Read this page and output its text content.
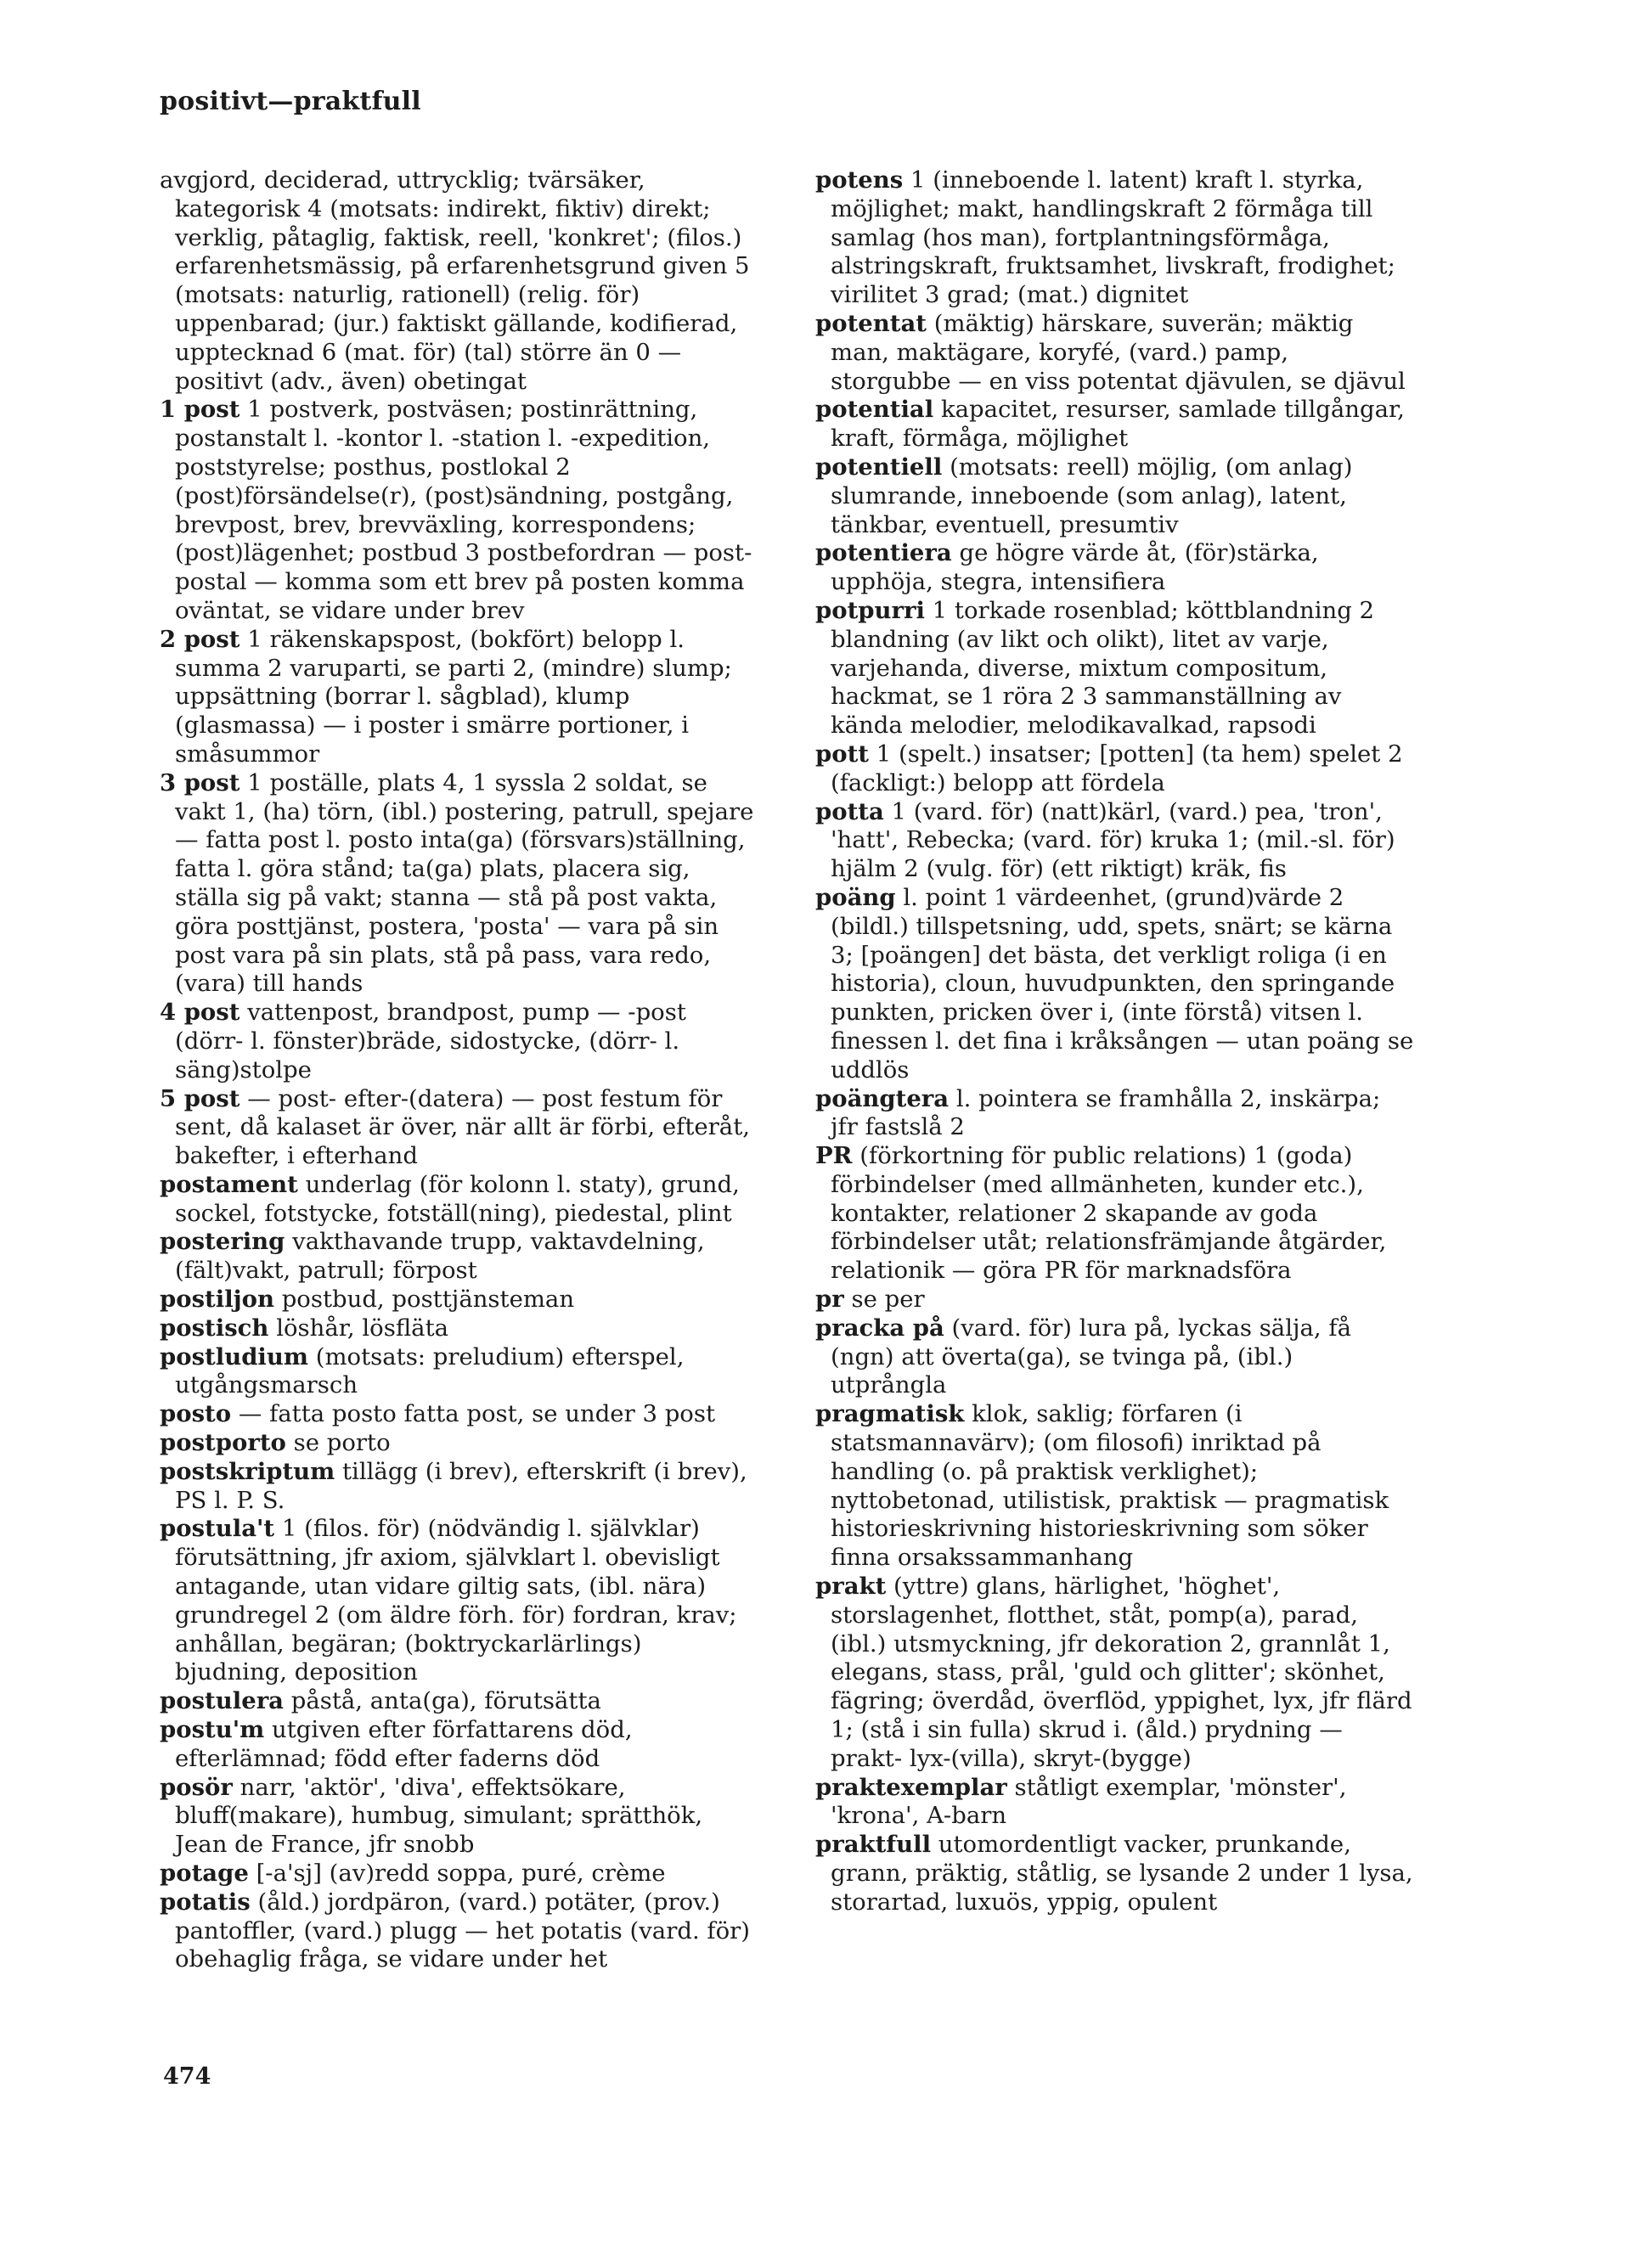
positivt—praktfull

avgjord, deciderad, uttrycklig; tvärsäker, kategorisk 4 (motsats: indirekt, fiktiv) direkt; verklig, påtaglig, faktisk, reell, 'konkret'; (filos.) erfarenhetsmässig, på erfarenhetsgrund given 5 (motsats: naturlig, rationell) (relig. för) uppenbarad; (jur.) faktiskt gällande, kodifierad, upptecknad 6 (mat. för) (tal) större än 0 — positivt (adv., även) obetingat

1 post 1 postverk, postväsen; postinrättning, postanstalt l. -kontor l. -station l. -expedition, poststyrelse; posthus, postlokal 2 (post)försändelse(r), (post)sändning, postgång, brevpost, brev, brevväxling, korrespondens; (post)lägenhet; postbud 3 postbefordran — post- postal — komma som ett brev på posten komma oväntat, se vidare under brev

2 post 1 räkenskapspost, (bokfört) belopp l. summa 2 varuparti, se parti 2, (mindre) slump; uppsättning (borrar l. sågblad), klump (glasmassa) — i poster i smärre portioner, i småsummor

3 post 1 poställe, plats 4, 1 syssla 2 soldat, se vakt 1, (ha) törn, (ibl.) postering, patrull, spejare — fatta post l. posto inta(ga) (försvars)ställning, fatta l. göra stånd; ta(ga) plats, placera sig, ställa sig på vakt; stanna — stå på post vakta, göra posttjänst, postera, 'posta' — vara på sin post vara på sin plats, stå på pass, vara redo, (vara) till hands

4 post vattenpost, brandpost, pump — -post (dörr- l. fönster)bräde, sidostycke, (dörr- l. säng)stolpe

5 post — post- efter-(datera) — post festum för sent, då kalaset är över, när allt är förbi, efteråt, bakefter, i efterhand

postament underlag (för kolonn l. staty), grund, sockel, fotstycke, fotställ(ning), piedestal, plint

postering vakthavande trupp, vaktavdelning, (fält)vakt, patrull; förpost

postiljon postbud, posttjänsteman

postisch löshår, lösfläta

postludium (motsats: preludium) efterspel, utgångsmarsch

posto — fatta posto fatta post, se under 3 post

postporto se porto

postskriptum tillägg (i brev), efterskrift (i brev), PS l. P. S.

postula't 1 (filos. för) (nödvändig l. självklar) förutsättning, jfr axiom, självklart l. obevisligt antagande, utan vidare giltig sats, (ibl. nära) grundregel 2 (om äldre förh. för) fordran, krav; anhållan, begäran; (boktryckarlärlings) bjudning, deposition

postulera påstå, anta(ga), förutsätta

postu'm utgiven efter författarens död, efterlämnad; född efter faderns död

posör narr, 'aktör', 'diva', effektsökare, bluff(makare), humbug, simulant; sprätthök, Jean de France, jfr snobb

potage [-a'sj] (av)redd soppa, puré, crème

potatis (åld.) jordpäron, (vard.) potäter, (prov.) pantoffler, (vard.) plugg — het potatis (vard. för) obehaglig fråga, se vidare under het

potens 1 (inneboende l. latent) kraft l. styrka, möjlighet; makt, handlingskraft 2 förmåga till samlag (hos man), fortplantningsförmåga, alstringskraft, fruktsamhet, livskraft, frodighet; virilitet 3 grad; (mat.) dignitet

potentat (mäktig) härskare, suverän; mäktig man, maktägare, koryfé, (vard.) pamp, storgubbe — en viss potentat djävulen, se djävul

potential kapacitet, resurser, samlade tillgångar, kraft, förmåga, möjlighet

potentiell (motsats: reell) möjlig, (om anlag) slumrande, inneboende (som anlag), latent, tänkbar, eventuell, presumtiv

potentiera ge högre värde åt, (för)stärka, upphöja, stegra, intensifiera

potpurri 1 torkade rosenblad; köttblandning 2 blandning (av likt och olikt), litet av varje, varjehanda, diverse, mixtum compositum, hackmat, se 1 röra 2 3 sammanställning av kända melodier, melodikavalkad, rapsodi

pott 1 (spelt.) insatser; [potten] (ta hem) spelet 2 (fackligt:) belopp att fördela

potta 1 (vard. för) (natt)kärl, (vard.) pea, 'tron', 'hatt', Rebecka; (vard. för) kruka 1; (mil.-sl. för) hjälm 2 (vulg. för) (ett riktigt) kräk, fis

poäng l. point 1 värdeenhet, (grund)värde 2 (bildl.) tillspetsning, udd, spets, snärt; se kärna 3; [poängen] det bästa, det verkligt roliga (i en historia), cloun, huvudpunkten, den springande punkten, pricken över i, (inte förstå) vitsen l. finessen l. det fina i kråksången — utan poäng se uddlös

poängtera l. pointera se framhålla 2, inskärpa; jfr fastslå 2

PR (förkortning för public relations) 1 (goda) förbindelser (med allmänheten, kunder etc.), kontakter, relationer 2 skapande av goda förbindelser utåt; relationsfrämjande åtgärder, relationik — göra PR för marknadsföra

pr se per

pracka på (vard. för) lura på, lyckas sälja, få (ngn) att överta(ga), se tvinga på, (ibl.) utprångla

pragmatisk klok, saklig; förfaren (i statsmannavärv); (om filosofi) inriktad på handling (o. på praktisk verklighet); nyttobetonad, utilistisk, praktisk — pragmatisk historieskrivning historieskrivning som söker finna orsakssammanhang

prakt (yttre) glans, härlighet, 'höghet', storslagenhet, flotthet, ståt, pomp(a), parad, (ibl.) utsmyckning, jfr dekoration 2, grannlåt 1, elegans, stass, prål, 'guld och glitter'; skönhet, fägring; överdåd, överflöd, yppighet, lyx, jfr flärd 1; (stå i sin fulla) skrud i. (åld.) prydning — prakt- lyx-(villa), skryt-(bygge)

praktexemplar ståtligt exemplar, 'mönster', 'krona', A-barn

praktfull utomordentligt vacker, prunkande, grann, präktig, ståtlig, se lysande 2 under 1 lysa, storartad, luxuös, yppig, opulent

474
